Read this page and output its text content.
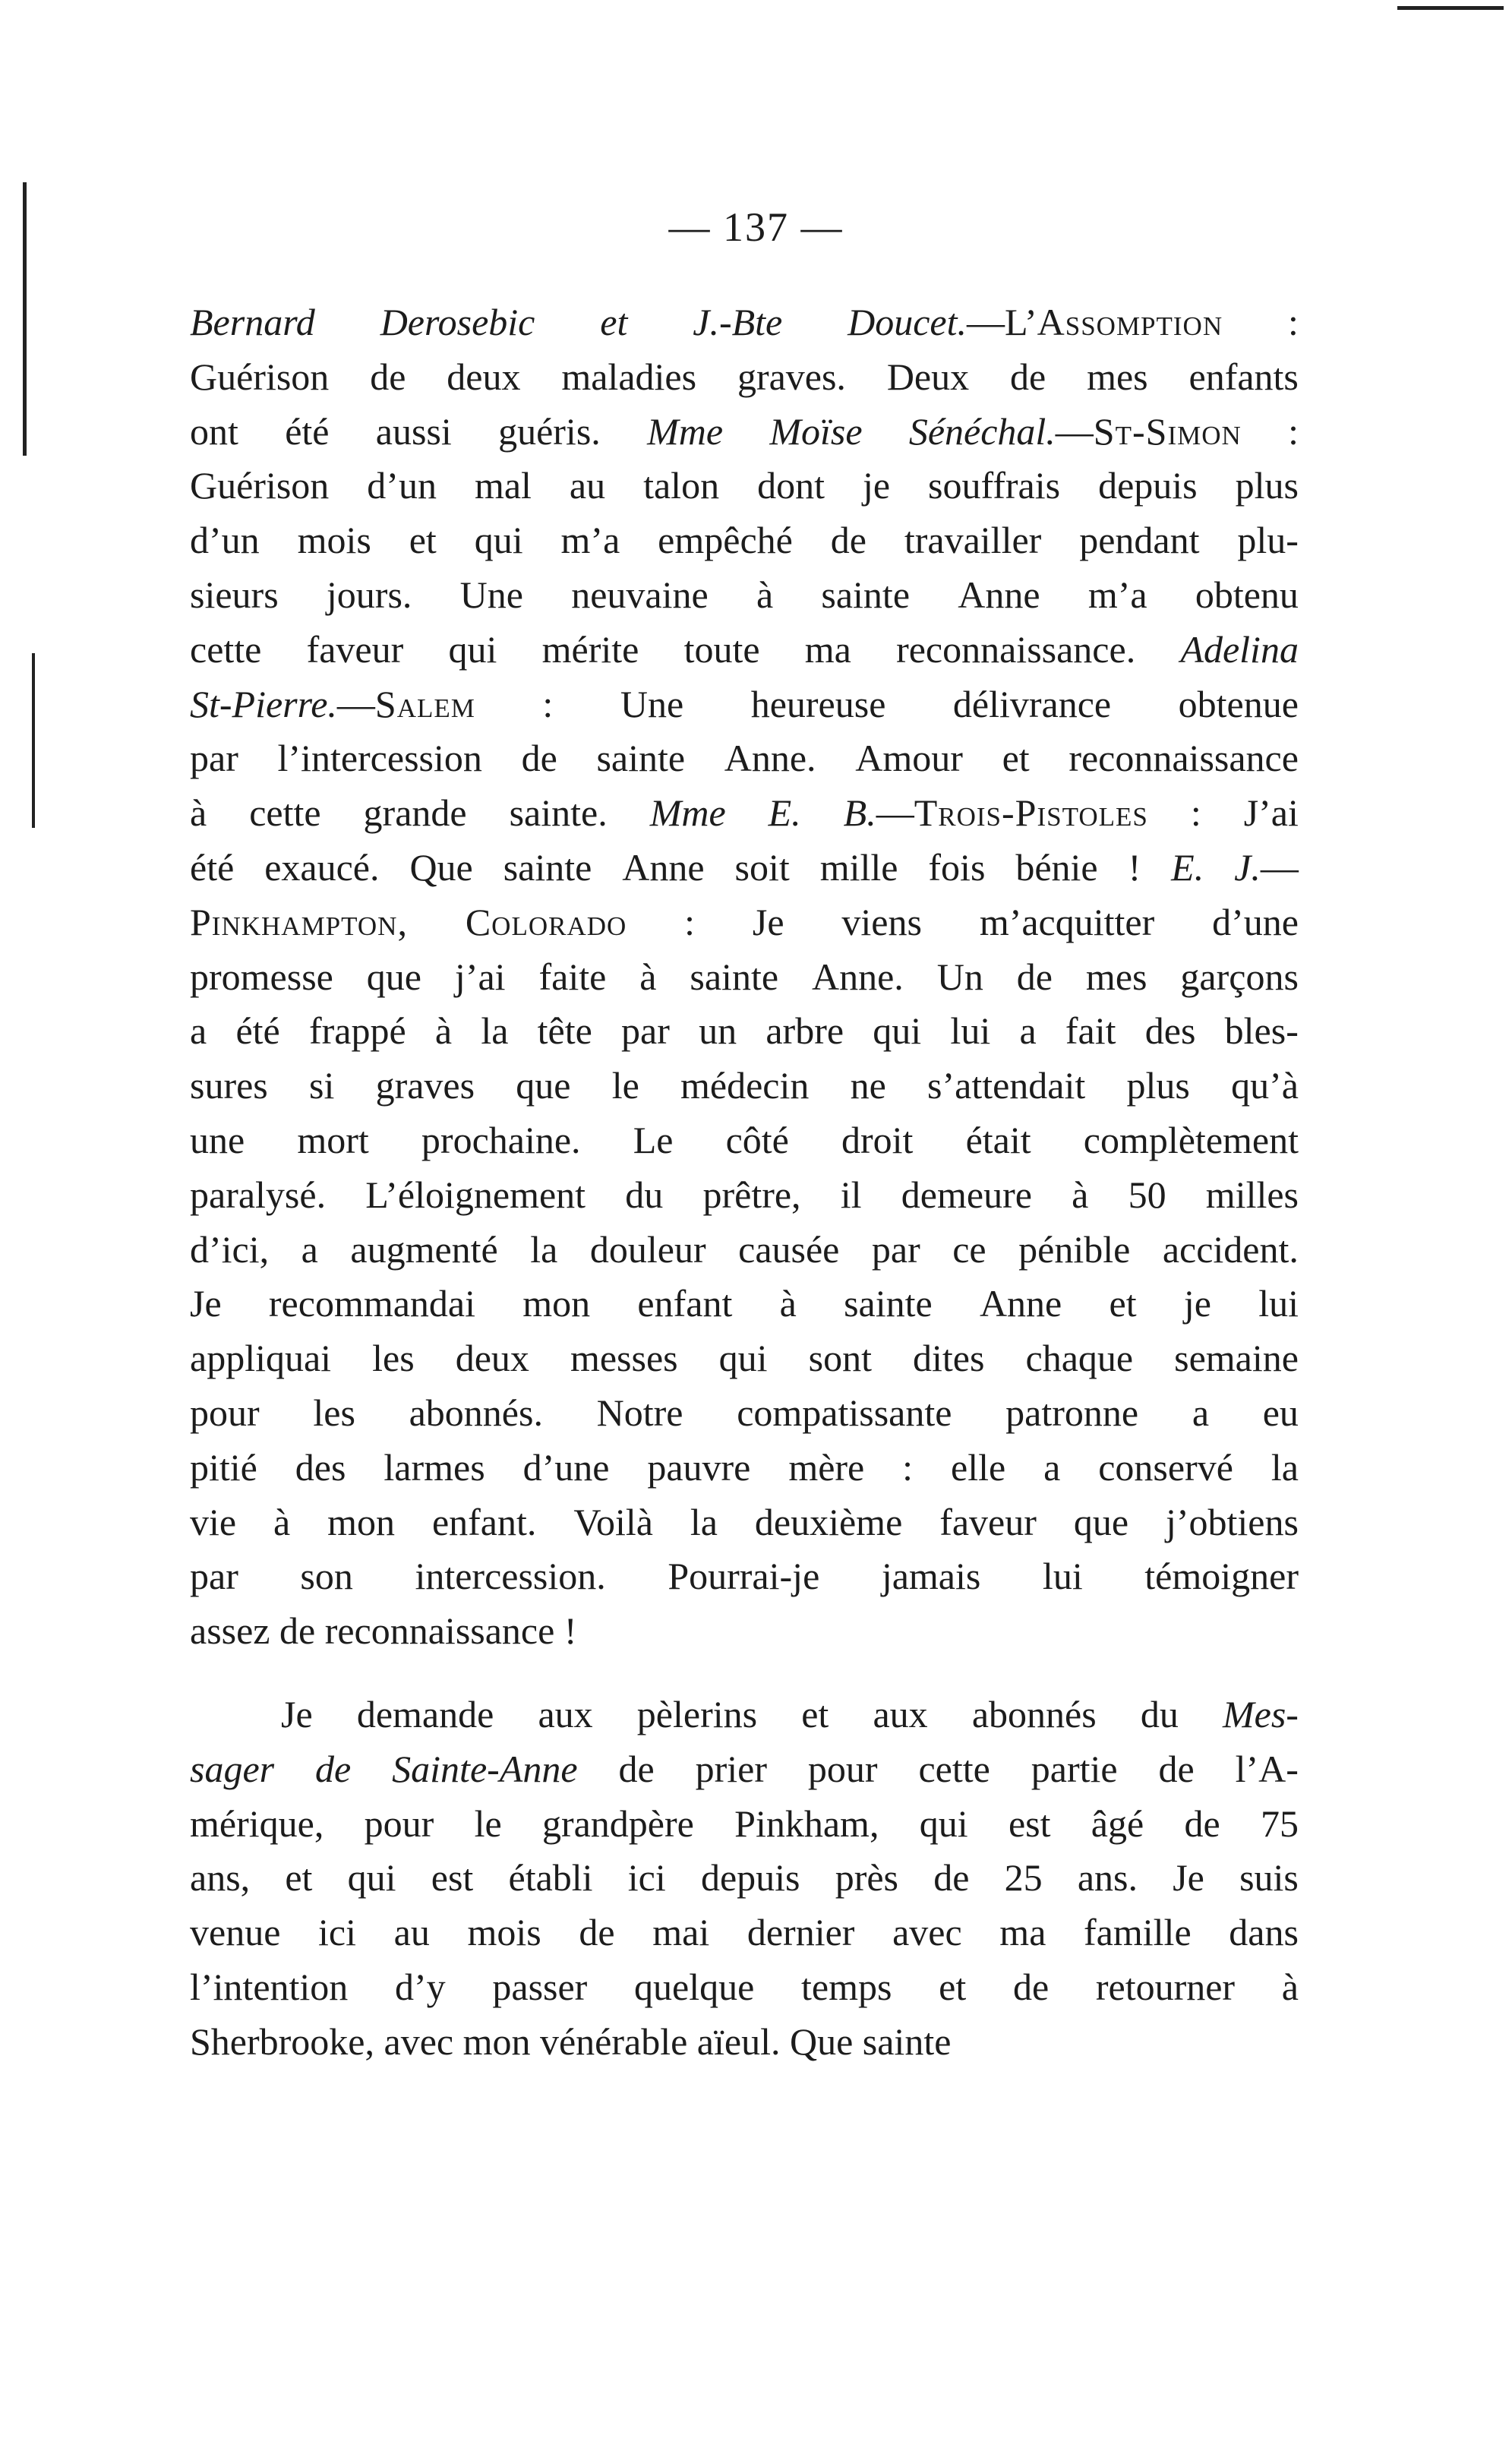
— 137 —
Bernard Derosebic et J.-Bte Doucet.—L’Assomption :
Guérison de deux maladies graves. Deux de mes enfants
ont été aussi guéris. Mme Moïse Sénéchal.—St-Simon :
Guérison d’un mal au talon dont je souffrais depuis plus
d’un mois et qui m’a empêché de travailler pendant plu-
sieurs jours. Une neuvaine à sainte Anne m’a obtenu
cette faveur qui mérite toute ma reconnaissance. Adelina
St-Pierre.—Salem : Une heureuse délivrance obtenue
par l’intercession de sainte Anne. Amour et reconnaissance
à cette grande sainte. Mme E. B.—Trois-Pistoles : J’ai
été exaucé. Que sainte Anne soit mille fois bénie ! E. J.—
Pinkhampton, Colorado : Je viens m’acquitter d’une
promesse que j’ai faite à sainte Anne. Un de mes garçons
a été frappé à la tête par un arbre qui lui a fait des bles-
sures si graves que le médecin ne s’attendait plus qu’à
une mort prochaine. Le côté droit était complètement
paralysé. L’éloignement du prêtre, il demeure à 50 milles
d’ici, a augmenté la douleur causée par ce pénible accident.
Je recommandai mon enfant à sainte Anne et je lui
appliquai les deux messes qui sont dites chaque semaine
pour les abonnés. Notre compatissante patronne a eu
pitié des larmes d’une pauvre mère : elle a conservé la
vie à mon enfant. Voilà la deuxième faveur que j’obtiens
par son intercession. Pourrai-je jamais lui témoigner
assez
de
reconnaissance
!
Je demande aux pèlerins et aux abonnés du Mes-
sager de Sainte-Anne de prier pour cette partie de l’A-
mérique, pour le grandpère Pinkham, qui est âgé de 75
ans, et qui est établi ici depuis près de 25 ans. Je suis
venue ici au mois de mai dernier avec ma famille dans
l’intention d’y passer quelque temps et de retourner à
Sherbrooke,
avec
mon
vénérable
aïeul.
Que
sainte
